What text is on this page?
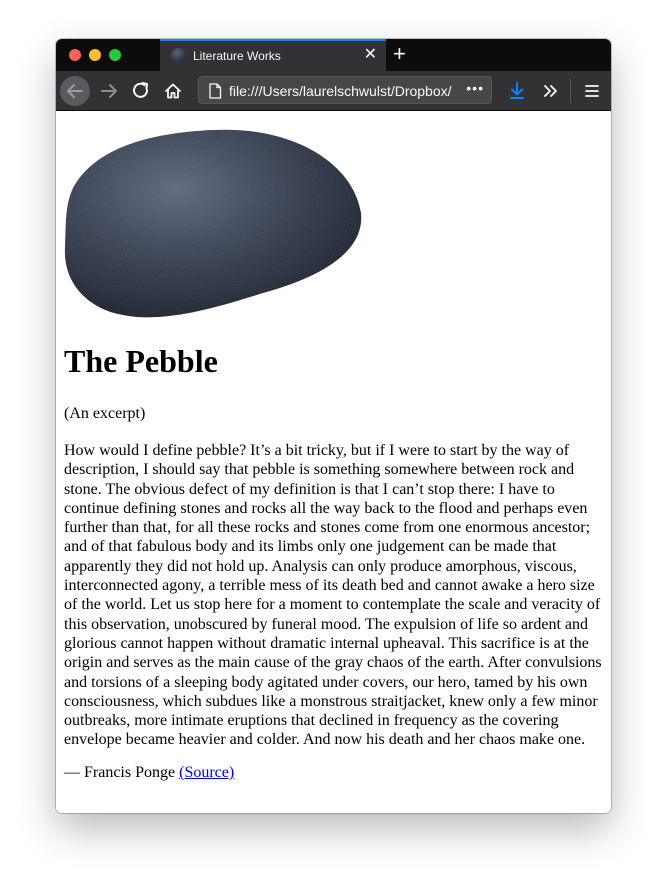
Literature Works	✕ +
file:///Users/laurelschwulst/Dropbox/	•••
The Pebble

(An excerpt)

How would I define pebble? It’s a bit tricky, but if I were to start by the way of description, I should say that pebble is something somewhere between rock and stone. The obvious defect of my definition is that I can’t stop there: I have to continue defining stones and rocks all the way back to the flood and perhaps even further than that, for all these rocks and stones come from one enormous ancestor; and of that fabulous body and its limbs only one judgement can be made that apparently they did not hold up. Analysis can only produce amorphous, viscous, interconnected agony, a terrible mess of its death bed and cannot awake a hero size of the world. Let us stop here for a moment to contemplate the scale and veracity of this observation, unobscured by funeral mood. The expulsion of life so ardent and glorious cannot happen without dramatic internal upheaval. This sacrifice is at the origin and serves as the main cause of the gray chaos of the earth. After convulsions and torsions of a sleeping body agitated under covers, our hero, tamed by his own consciousness, which subdues like a monstrous straitjacket, knew only a few minor outbreaks, more intimate eruptions that declined in frequency as the covering envelope became heavier and colder. And now his death and her chaos make one.

— Francis Ponge (Source)
